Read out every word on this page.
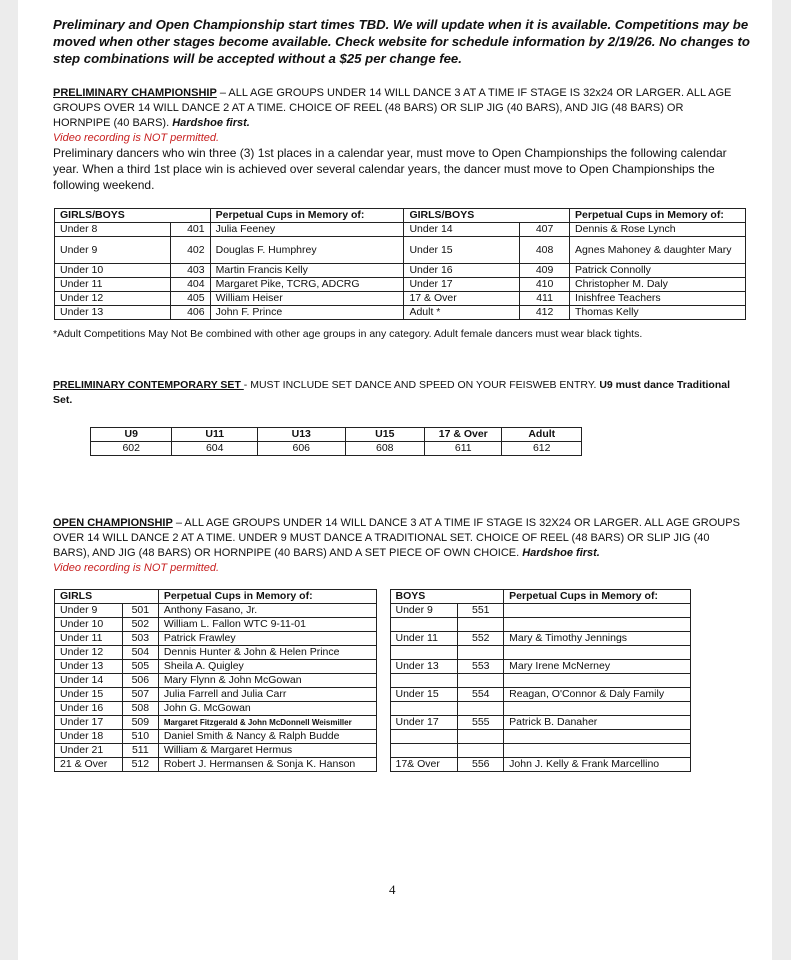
Preliminary and Open Championship start times TBD. We will update when it is available. Competitions may be moved when other stages become available. Check website for schedule information by 2/19/26. No changes to step combinations will be accepted without a $25 per change fee.
PRELIMINARY CHAMPIONSHIP – ALL AGE GROUPS UNDER 14 WILL DANCE 3 AT A TIME IF STAGE IS 32x24 OR LARGER. ALL AGE GROUPS OVER 14 WILL DANCE 2 AT A TIME. CHOICE OF REEL (48 BARS) OR SLIP JIG (40 BARS), AND JIG (48 BARS) OR HORNPIPE (40 BARS). Hardshoe first.
Video recording is NOT permitted.
Preliminary dancers who win three (3) 1st places in a calendar year, must move to Open Championships the following calendar year. When a third 1st place win is achieved over several calendar years, the dancer must move to Open Championships the following weekend.
GIRLS/BOYS		Perpetual Cups in Memory of:	GIRLS/BOYS		Perpetual Cups in Memory of:
Under 8	401	Julia Feeney	Under 14	407	Dennis & Rose Lynch
Under 9	402	Douglas F. Humphrey	Under 15	408	Agnes Mahoney & daughter Mary
Under 10	403	Martin Francis Kelly	Under 16	409	Patrick Connolly
Under 11	404	Margaret Pike, TCRG, ADCRG	Under 17	410	Christopher M. Daly
Under 12	405	William Heiser	17 & Over	411	Inishfree Teachers
Under 13	406	John F. Prince	Adult *	412	Thomas Kelly
*Adult Competitions May Not Be combined with other age groups in any category. Adult female dancers must wear black tights.
PRELIMINARY CONTEMPORARY SET - MUST INCLUDE SET DANCE AND SPEED ON YOUR FEISWEB ENTRY. U9 must dance Traditional Set.
U9	U11	U13	U15	17 & Over	Adult
602	604	606	608	611	612
OPEN CHAMPIONSHIP – ALL AGE GROUPS UNDER 14 WILL DANCE 3 AT A TIME IF STAGE IS 32X24 OR LARGER. ALL AGE GROUPS OVER 14 WILL DANCE 2 AT A TIME. UNDER 9 MUST DANCE A TRADITIONAL SET. CHOICE OF REEL (48 BARS) OR SLIP JIG (40 BARS), AND JIG (48 BARS) OR HORNPIPE (40 BARS) AND A SET PIECE OF OWN CHOICE. Hardshoe first.
Video recording is NOT permitted.
GIRLS		Perpetual Cups in Memory of:		BOYS		Perpetual Cups in Memory of:
Under 9	501	Anthony Fasano, Jr.		Under 9	551	
Under 10	502	William L. Fallon WTC 9-11-01				
Under 11	503	Patrick Frawley		Under 11	552	Mary & Timothy Jennings
Under 12	504	Dennis Hunter & John & Helen Prince				
Under 13	505	Sheila A. Quigley		Under 13	553	Mary Irene McNerney
Under 14	506	Mary Flynn & John McGowan				
Under 15	507	Julia Farrell and Julia Carr		Under 15	554	Reagan, O'Connor & Daly Family
Under 16	508	John G. McGowan				
Under 17	509	Margaret Fitzgerald & John McDonnell Weismiller		Under 17	555	Patrick B. Danaher
Under 18	510	Daniel Smith & Nancy & Ralph Budde				
Under 21	511	William & Margaret Hermus				
21 & Over	512	Robert J. Hermansen & Sonja K. Hanson		17& Over	556	John J. Kelly & Frank Marcellino
4
